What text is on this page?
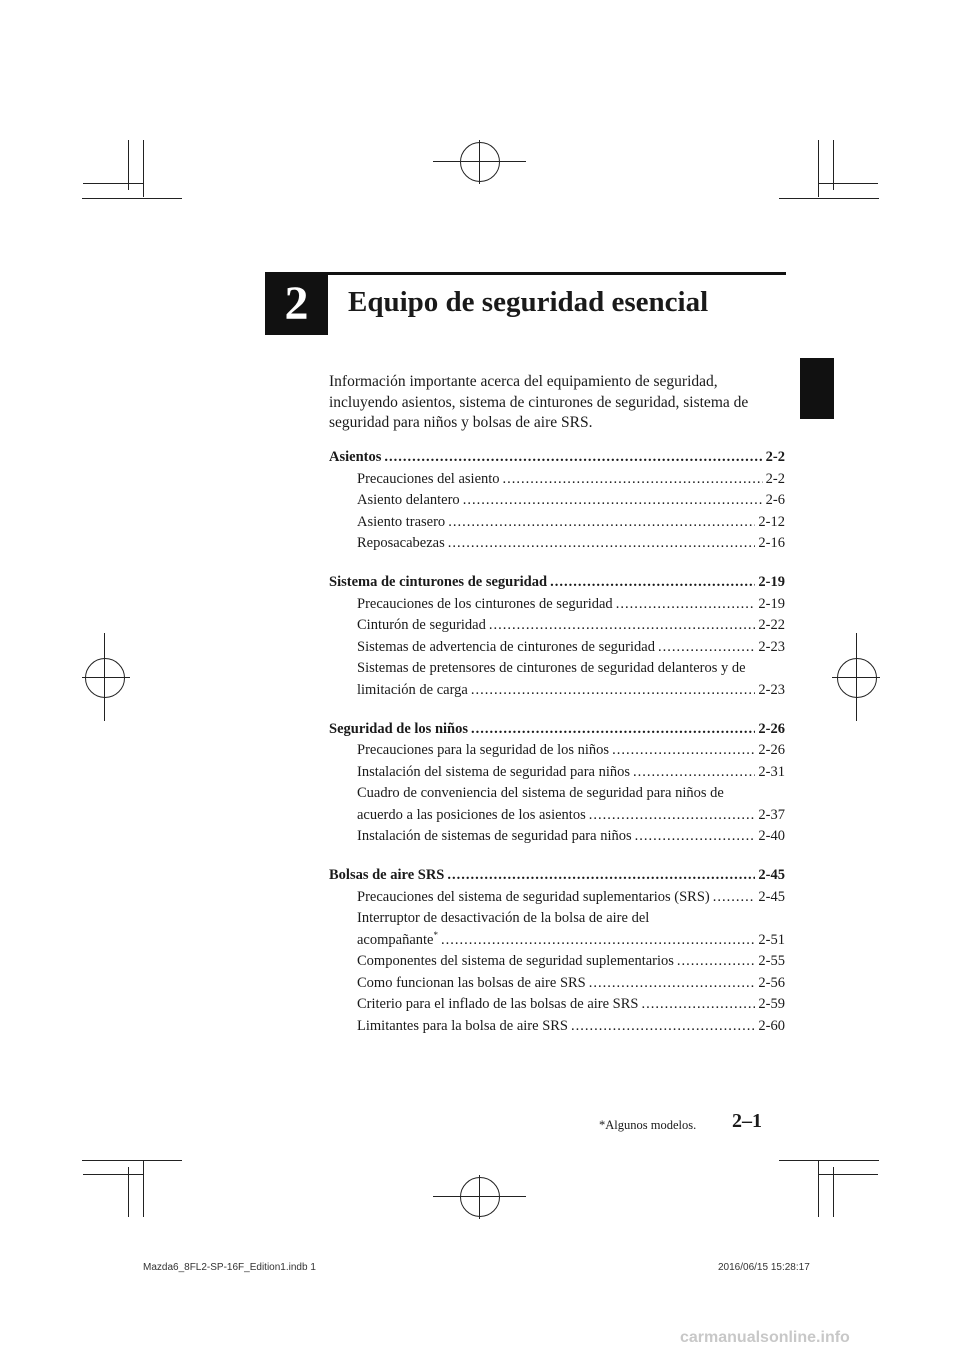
2	Equipo de seguridad esencial
Información importante acerca del equipamiento de seguridad, incluyendo asientos, sistema de cinturones de seguridad, sistema de seguridad para niños y bolsas de aire SRS.
Asientos .....	2-2
Precauciones del asiento .....	2-2
Asiento delantero .....	2-6
Asiento trasero .....	2-12
Reposacabezas .....	2-16
Sistema de cinturones de seguridad .....	2-19
Precauciones de los cinturones de seguridad .....	2-19
Cinturón de seguridad .....	2-22
Sistemas de advertencia de cinturones de seguridad .....	2-23
Sistemas de pretensores de cinturones de seguridad delanteros y de
limitación de carga .....	2-23
Seguridad de los niños .....	2-26
Precauciones para la seguridad de los niños .....	2-26
Instalación del sistema de seguridad para niños .....	2-31
Cuadro de conveniencia del sistema de seguridad para niños de
acuerdo a las posiciones de los asientos .....	2-37
Instalación de sistemas de seguridad para niños .....	2-40
Bolsas de aire SRS .....	2-45
Precauciones del sistema de seguridad suplementarios (SRS) .....	2-45
Interruptor de desactivación de la bolsa de aire del
acompañante* .....	2-51
Componentes del sistema de seguridad suplementarios .....	2-55
Como funcionan las bolsas de aire SRS .....	2-56
Criterio para el inflado de las bolsas de aire SRS .....	2-59
Limitantes para la bolsa de aire SRS .....	2-60
*Algunos modelos. 2–1
Mazda6_8FL2-SP-16F_Edition1.indb 1	2016/06/15 15:28:17
carmanualsonline.info
